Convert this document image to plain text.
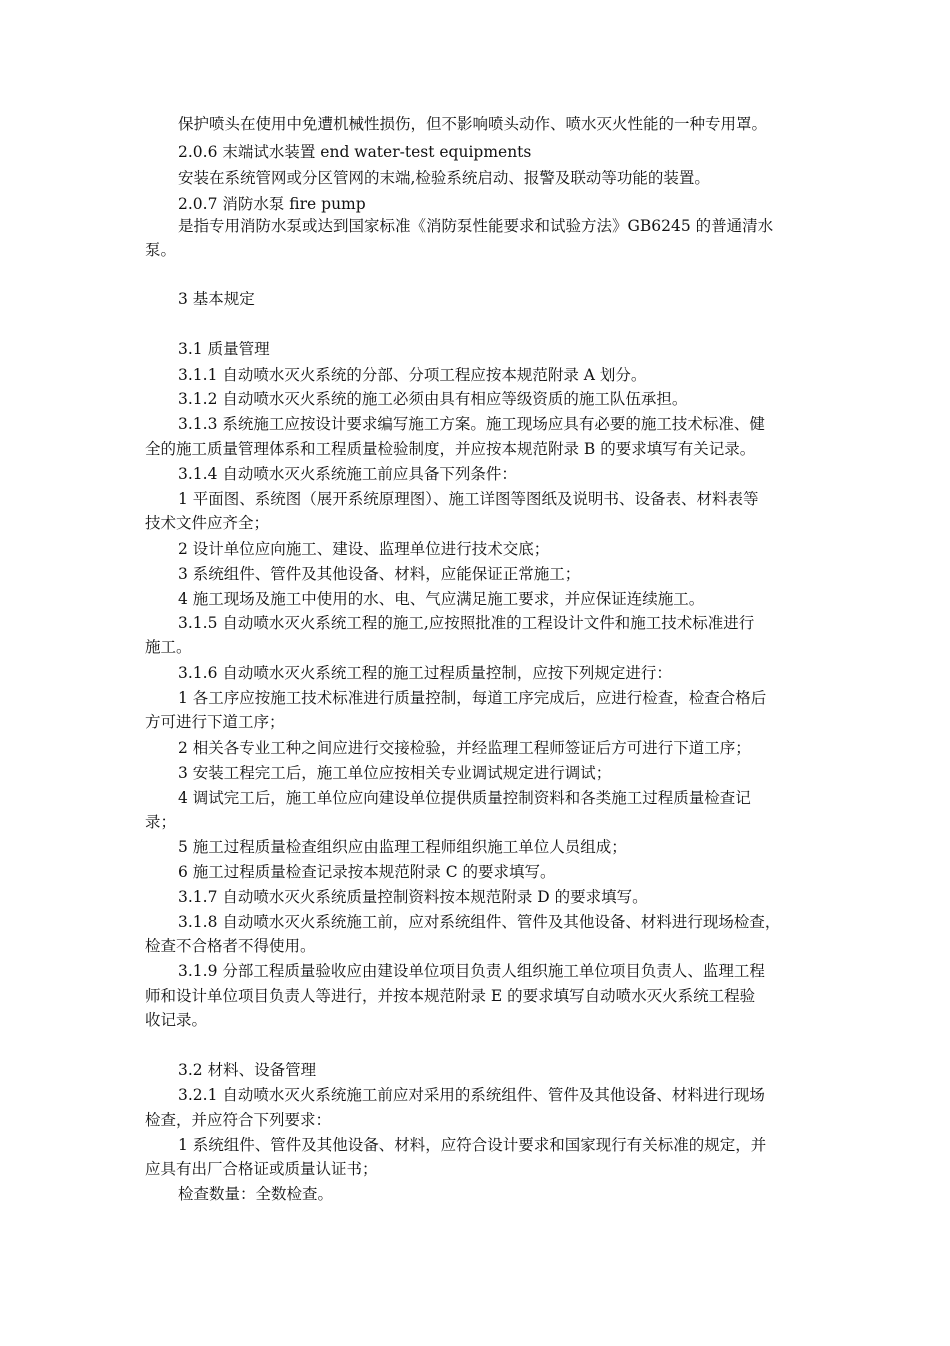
保护喷头在使用中免遭机械性损伤，但不影响喷头动作、喷水灭火性能的一种专用罩。

2.0.6 末端试水装置 end water-test equipments

安装在系统管网或分区管网的末端,检验系统启动、报警及联动等功能的装置。

2.0.7 消防水泵 fire pump

是指专用消防水泵或达到国家标准《消防泵性能要求和试验方法》GB6245 的普通清水

泵。

3 基本规定

3.1 质量管理

3.1.1 自动喷水灭火系统的分部、分项工程应按本规范附录 A 划分。

3.1.2 自动喷水灭火系统的施工必须由具有相应等级资质的施工队伍承担。

3.1.3 系统施工应按设计要求编写施工方案。施工现场应具有必要的施工技术标准、健

全的施工质量管理体系和工程质量检验制度，并应按本规范附录 B 的要求填写有关记录。

3.1.4 自动喷水灭火系统施工前应具备下列条件：

1 平面图、系统图（展开系统原理图）、施工详图等图纸及说明书、设备表、材料表等

技术文件应齐全；

2 设计单位应向施工、建设、监理单位进行技术交底；

3 系统组件、管件及其他设备、材料，应能保证正常施工；

4 施工现场及施工中使用的水、电、气应满足施工要求，并应保证连续施工。

3.1.5 自动喷水灭火系统工程的施工,应按照批准的工程设计文件和施工技术标准进行

施工。

3.1.6 自动喷水灭火系统工程的施工过程质量控制，应按下列规定进行：

1 各工序应按施工技术标准进行质量控制，每道工序完成后，应进行检查，检查合格后

方可进行下道工序；

2 相关各专业工种之间应进行交接检验，并经监理工程师签证后方可进行下道工序；

3 安装工程完工后，施工单位应按相关专业调试规定进行调试；

4 调试完工后，施工单位应向建设单位提供质量控制资料和各类施工过程质量检查记

录；

5 施工过程质量检查组织应由监理工程师组织施工单位人员组成；

6 施工过程质量检查记录按本规范附录 C 的要求填写。

3.1.7 自动喷水灭火系统质量控制资料按本规范附录 D 的要求填写。

3.1.8 自动喷水灭火系统施工前，应对系统组件、管件及其他设备、材料进行现场检查，

检查不合格者不得使用。

3.1.9 分部工程质量验收应由建设单位项目负责人组织施工单位项目负责人、监理工程

师和设计单位项目负责人等进行，并按本规范附录 E 的要求填写自动喷水灭火系统工程验

收记录。

3.2 材料、设备管理

3.2.1 自动喷水灭火系统施工前应对采用的系统组件、管件及其他设备、材料进行现场

检查，并应符合下列要求：

1 系统组件、管件及其他设备、材料，应符合设计要求和国家现行有关标准的规定，并

应具有出厂合格证或质量认证书；

检查数量：全数检查。
